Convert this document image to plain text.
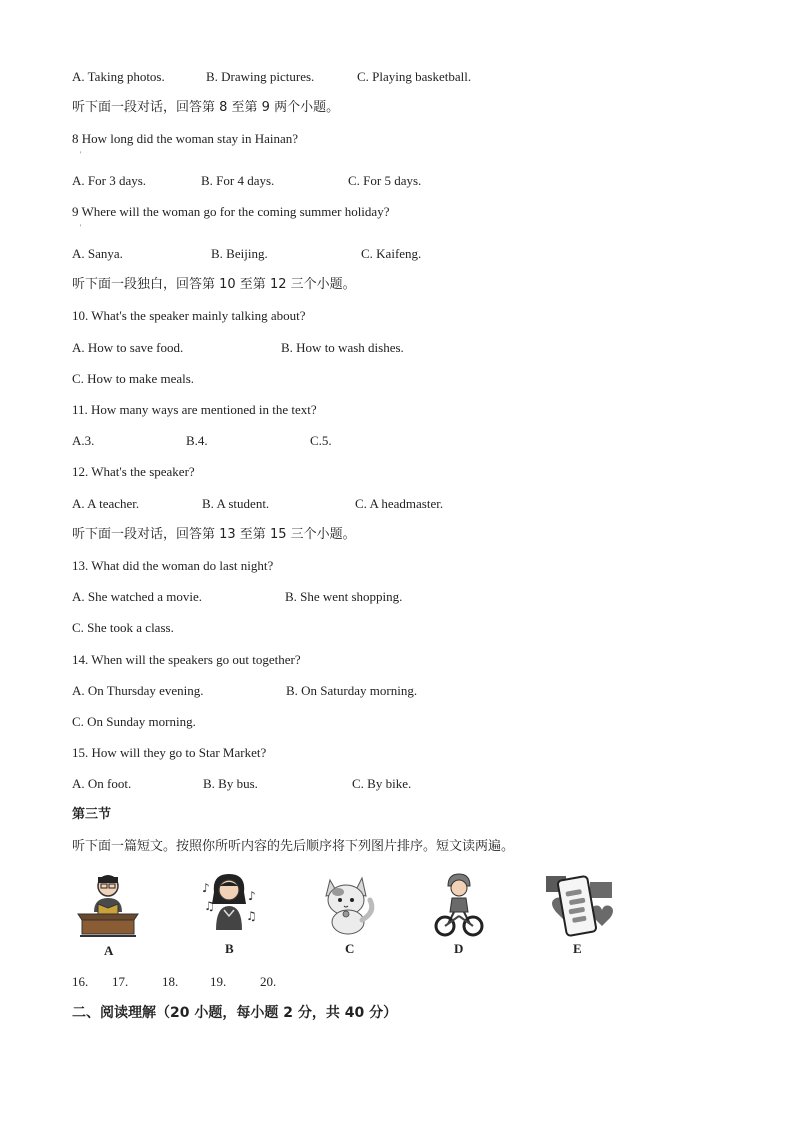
A. Taking photos.	B. Drawing pictures.	C. Playing basketball.
听下面一段对话，回答第 8 至第 9 两个小题。
8 How long did the woman stay in Hainan?
'
A. For 3 days.	B. For 4 days.	C. For 5 days.
9 Where will the woman go for the coming summer holiday?
'
A. Sanya.	B. Beijing.	C. Kaifeng.
听下面一段独白，回答第 10 至第 12 三个小题。
10. What's the speaker mainly talking about?
A. How to save food.	B. How to wash dishes.
C. How to make meals.
11. How many ways are mentioned in the text?
A.3.	B.4.	C.5.
12. What's the speaker?
A. A teacher.	B. A student.	C. A headmaster.
听下面一段对话，回答第 13 至第 15 三个小题。
13. What did the woman do last night?
A. She watched a movie.	B. She went shopping.
C. She took a class.
14. When will the speakers go out together?
A. On Thursday evening.	B. On Saturday morning.
C. On Sunday morning.
15. How will they go to Star Market?
A. On foot.	B. By bus.	C. By bike.
第三节
听下面一篇短文。按照你所听内容的先后顺序将下列图片排序。短文读两遍。
A
♪
♫
♪
♫
B	C	D	E
16. 17.	18. 19.	20.
二、阅读理解（20 小题，每小题 2 分，共 40 分）
